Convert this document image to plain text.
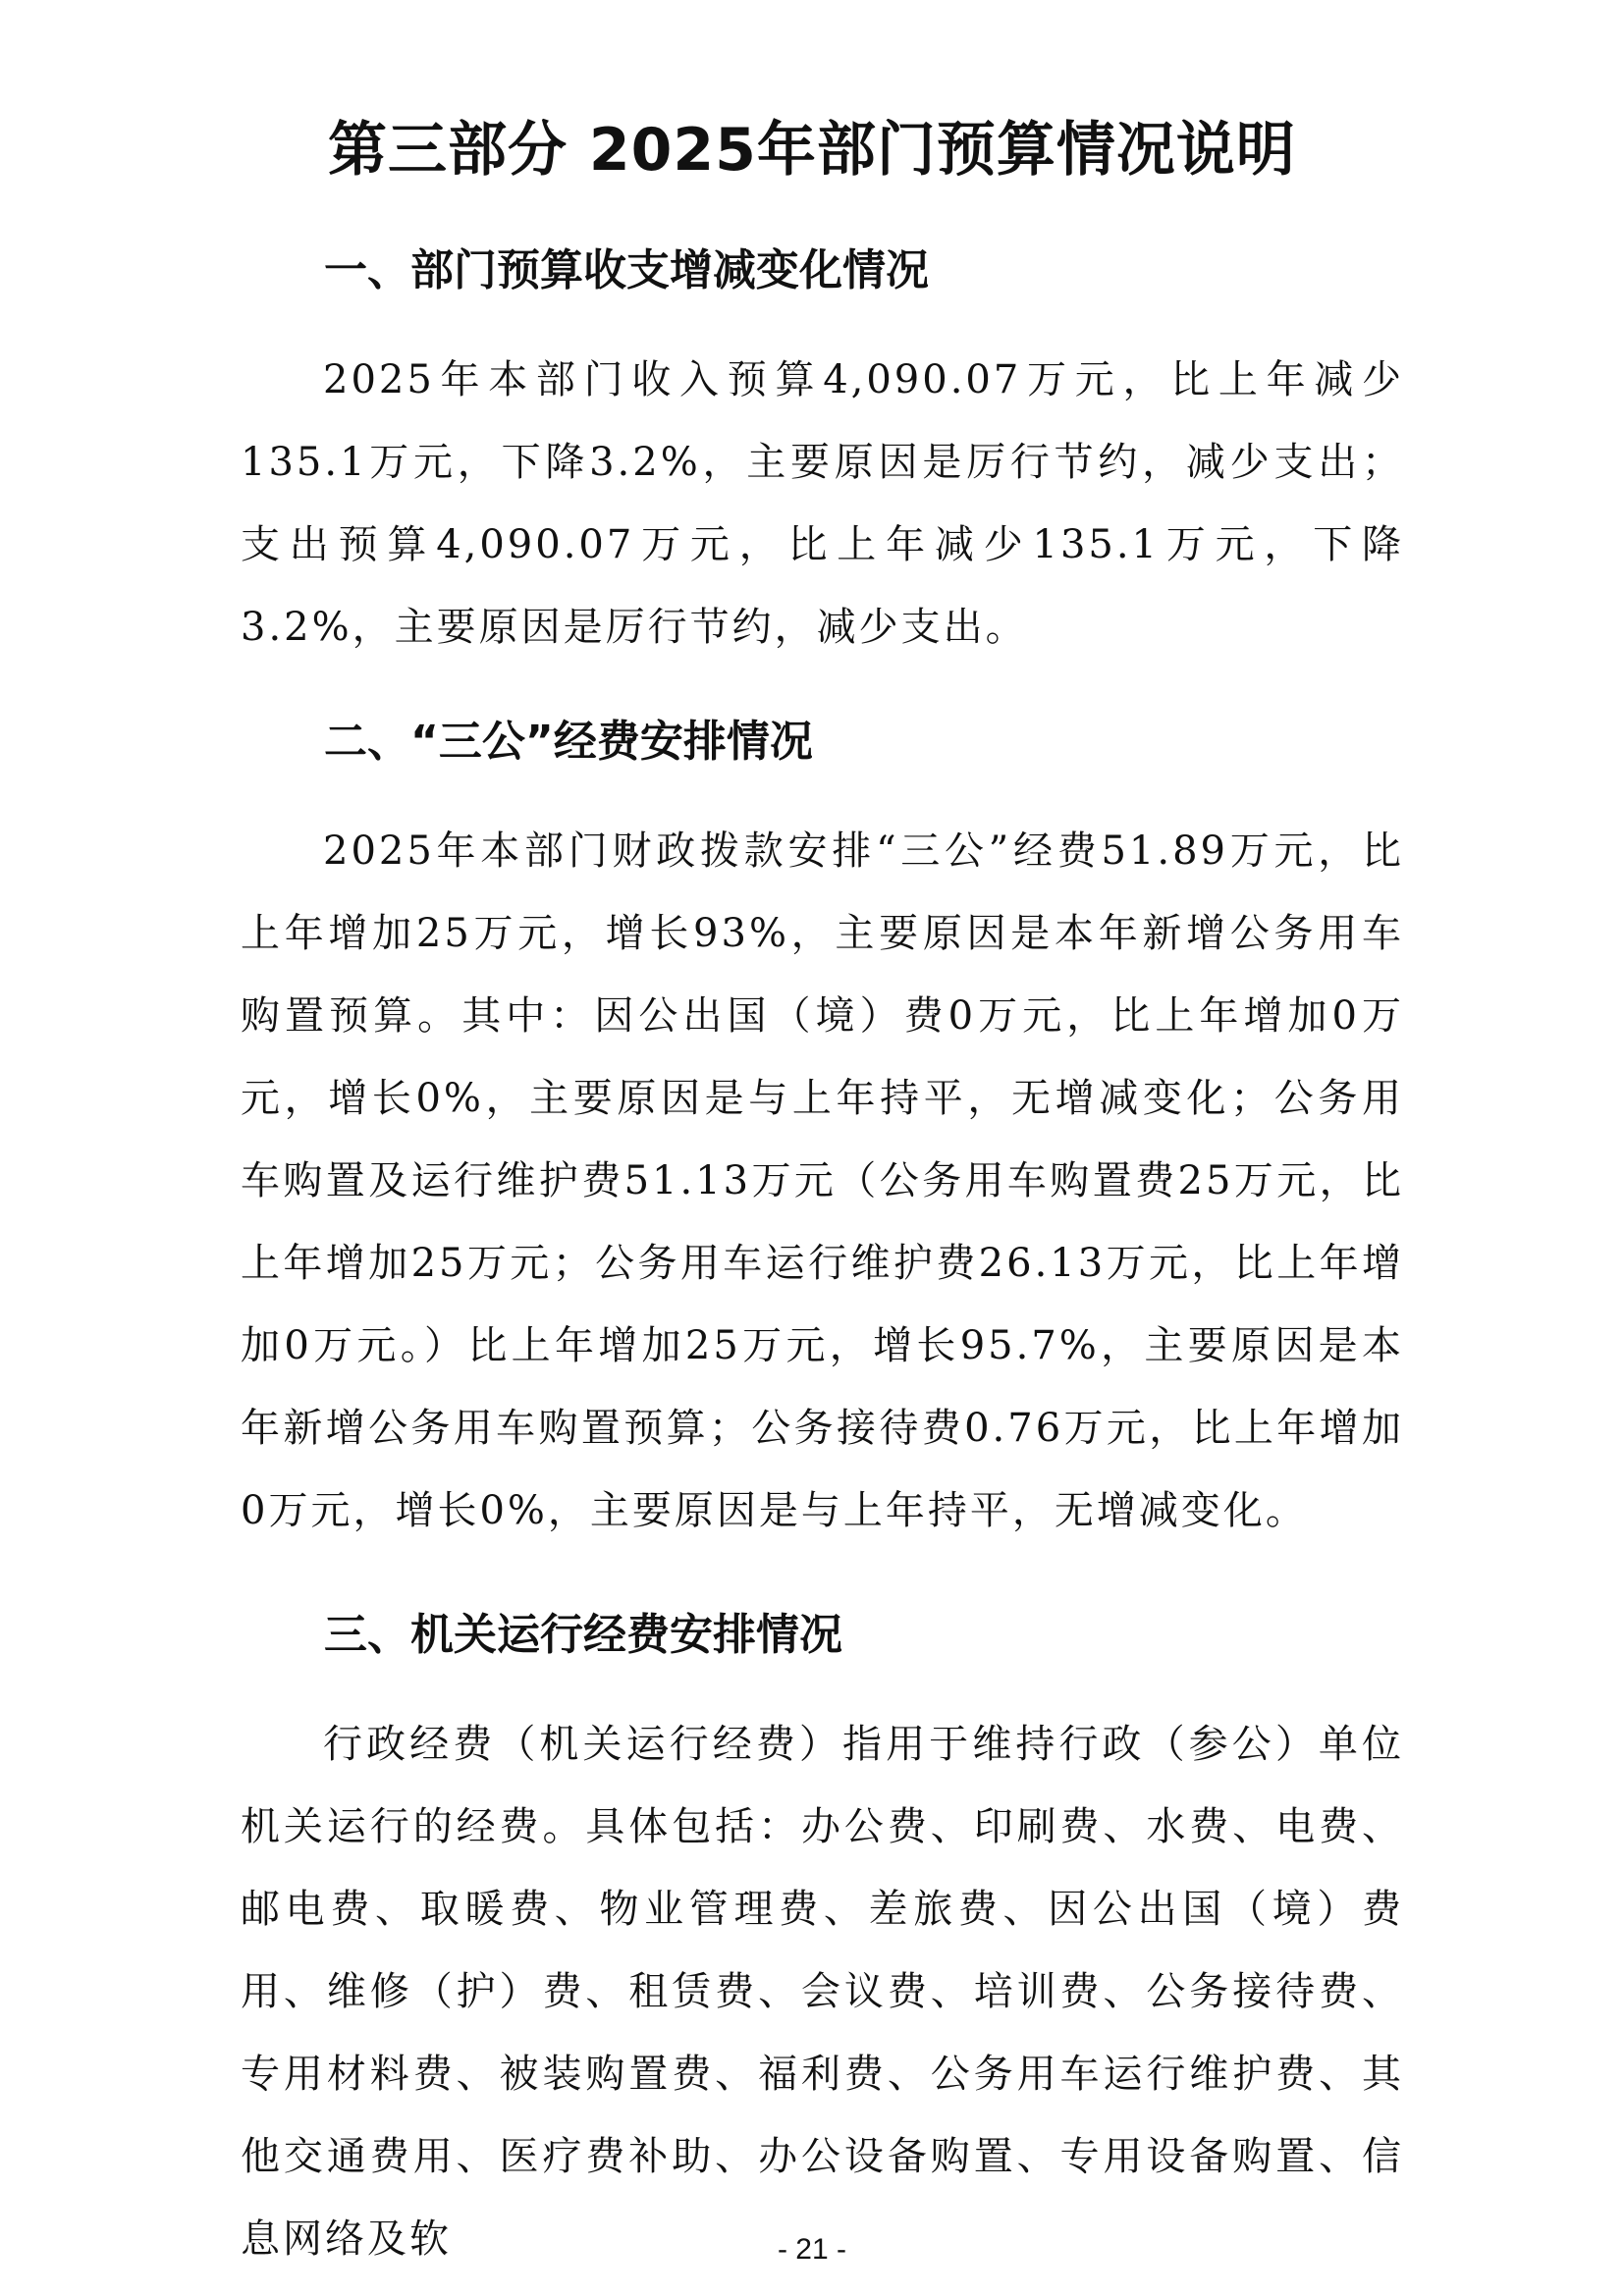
第三部分 2025年部门预算情况说明
一、部门预算收支增减变化情况

2025年本部门收入预算4,090.07万元，比上年减少135.1万元，下降3.2%，主要原因是厉行节约，减少支出；支出预算4,090.07万元，比上年减少135.1万元，下降3.2%，主要原因是厉行节约，减少支出。

二、“三公”经费安排情况

2025年本部门财政拨款安排“三公”经费51.89万元，比上年增加25万元，增长93%，主要原因是本年新增公务用车购置预算。其中：因公出国（境）费0万元，比上年增加0万元，增长0%，主要原因是与上年持平，无增减变化；公务用车购置及运行维护费51.13万元（公务用车购置费25万元，比上年增加25万元；公务用车运行维护费26.13万元，比上年增加0万元。）比上年增加25万元，增长95.7%，主要原因是本年新增公务用车购置预算；公务接待费0.76万元，比上年增加0万元，增长0%，主要原因是与上年持平，无增减变化。

三、机关运行经费安排情况

行政经费（机关运行经费）指用于维持行政（参公）单位机关运行的经费。具体包括：办公费、印刷费、水费、电费、邮电费、取暖费、物业管理费、差旅费、因公出国（境）费用、维修（护）费、租赁费、会议费、培训费、公务接待费、专用材料费、被装购置费、福利费、公务用车运行维护费、其他交通费用、医疗费补助、办公设备购置、专用设备购置、信息网络及软	- 21 -
